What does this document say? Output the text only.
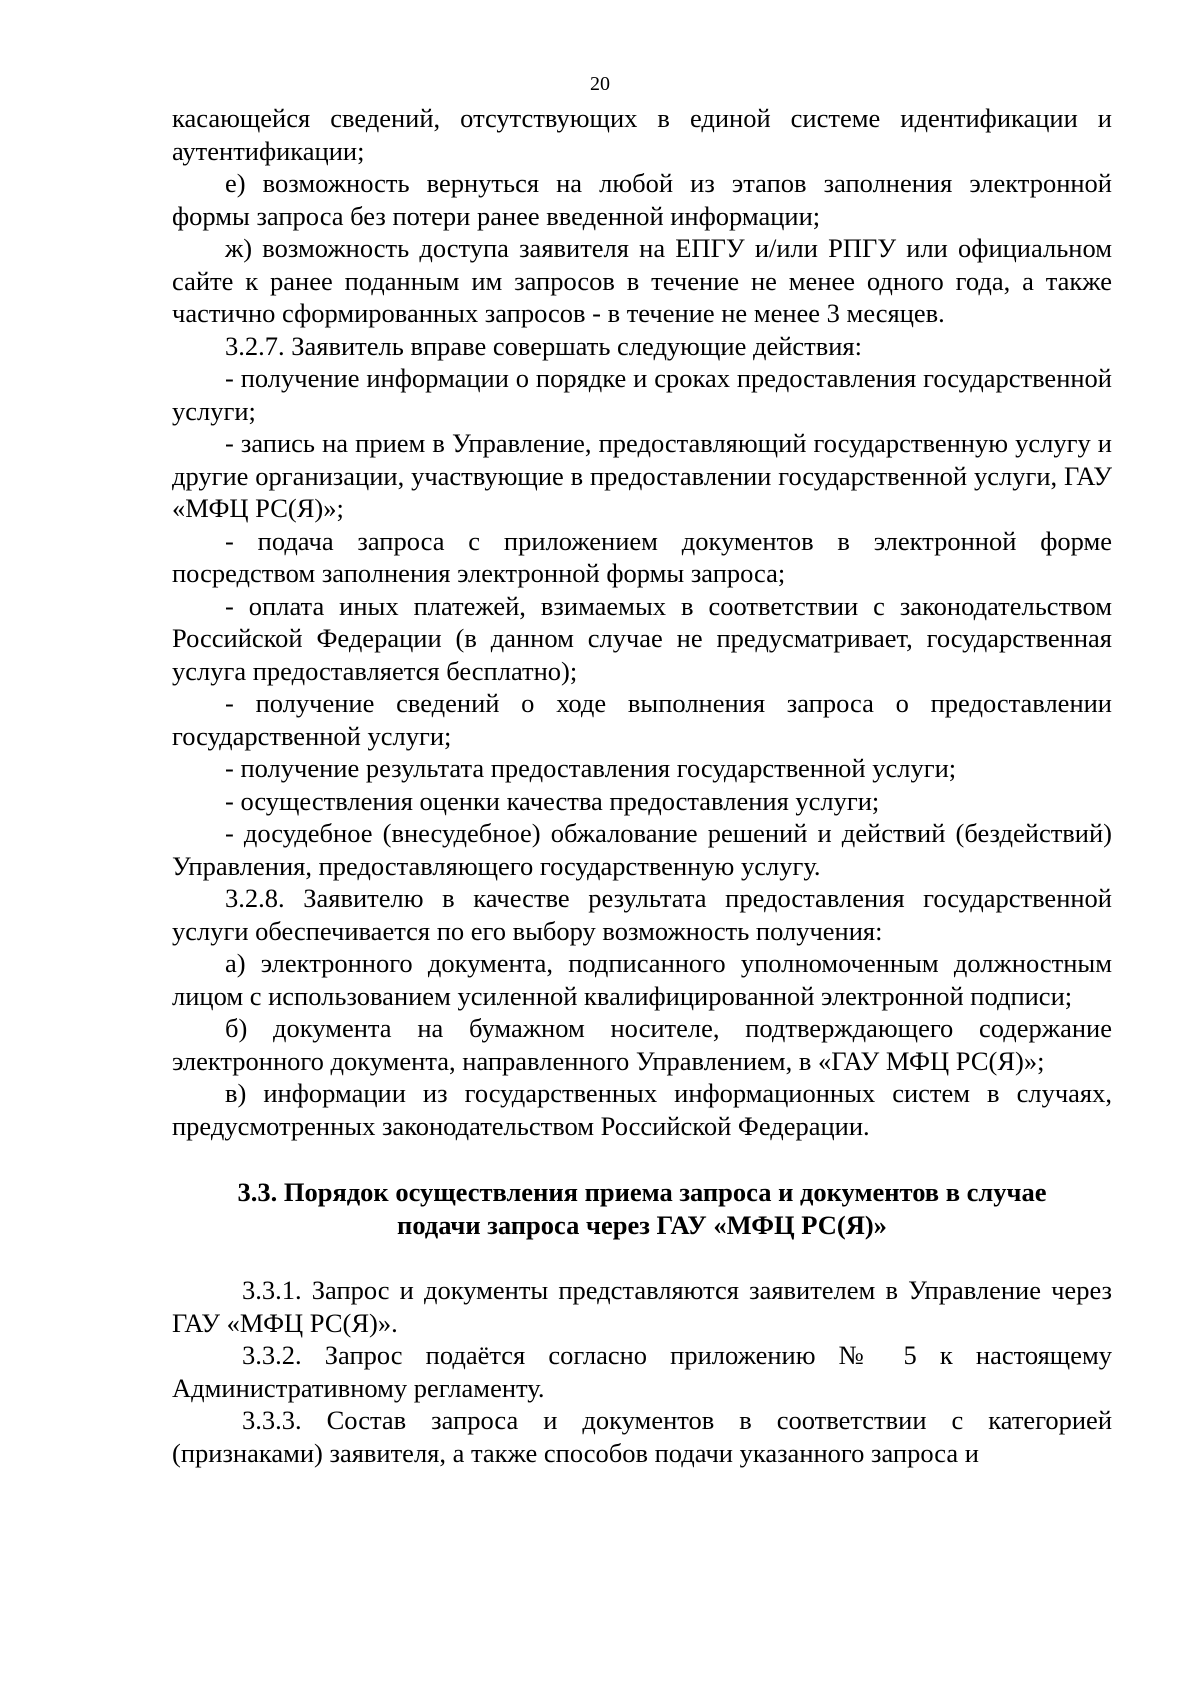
20

касающейся сведений, отсутствующих в единой системе идентификации и аутентификации;

е) возможность вернуться на любой из этапов заполнения электронной формы запроса без потери ранее введенной информации;

ж) возможность доступа заявителя на ЕПГУ и/или РПГУ или официальном сайте к ранее поданным им запросов в течение не менее одного года, а также частично сформированных запросов - в течение не менее 3 месяцев.

3.2.7. Заявитель вправе совершать следующие действия:

- получение информации о порядке и сроках предоставления государственной услуги;

- запись на прием в Управление, предоставляющий государственную услугу и другие организации, участвующие в предоставлении государственной услуги, ГАУ «МФЦ РС(Я)»;

- подача запроса с приложением документов в электронной форме посредством заполнения электронной формы запроса;

- оплата иных платежей, взимаемых в соответствии с законодательством Российской Федерации (в данном случае не предусматривает, государственная услуга предоставляется бесплатно);

- получение сведений о ходе выполнения запроса о предоставлении государственной услуги;

- получение результата предоставления государственной услуги;

- осуществления оценки качества предоставления услуги;

- досудебное (внесудебное) обжалование решений и действий (бездействий) Управления, предоставляющего государственную услугу.

3.2.8. Заявителю в качестве результата предоставления государственной услуги обеспечивается по его выбору возможность получения:

а) электронного документа, подписанного уполномоченным должностным лицом с использованием усиленной квалифицированной электронной подписи;

б) документа на бумажном носителе, подтверждающего содержание электронного документа, направленного Управлением, в «ГАУ МФЦ РС(Я)»;

в) информации из государственных информационных систем в случаях, предусмотренных законодательством Российской Федерации.

3.3. Порядок осуществления приема запроса и документов в случае
подачи запроса через ГАУ «МФЦ РС(Я)»

3.3.1. Запрос и документы представляются заявителем в Управление через ГАУ «МФЦ РС(Я)».

3.3.2. Запрос подаётся согласно приложению № 5 к настоящему Административному регламенту.

3.3.3. Состав запроса и документов в соответствии с категорией (признаками) заявителя, а также способов подачи указанного запроса и
